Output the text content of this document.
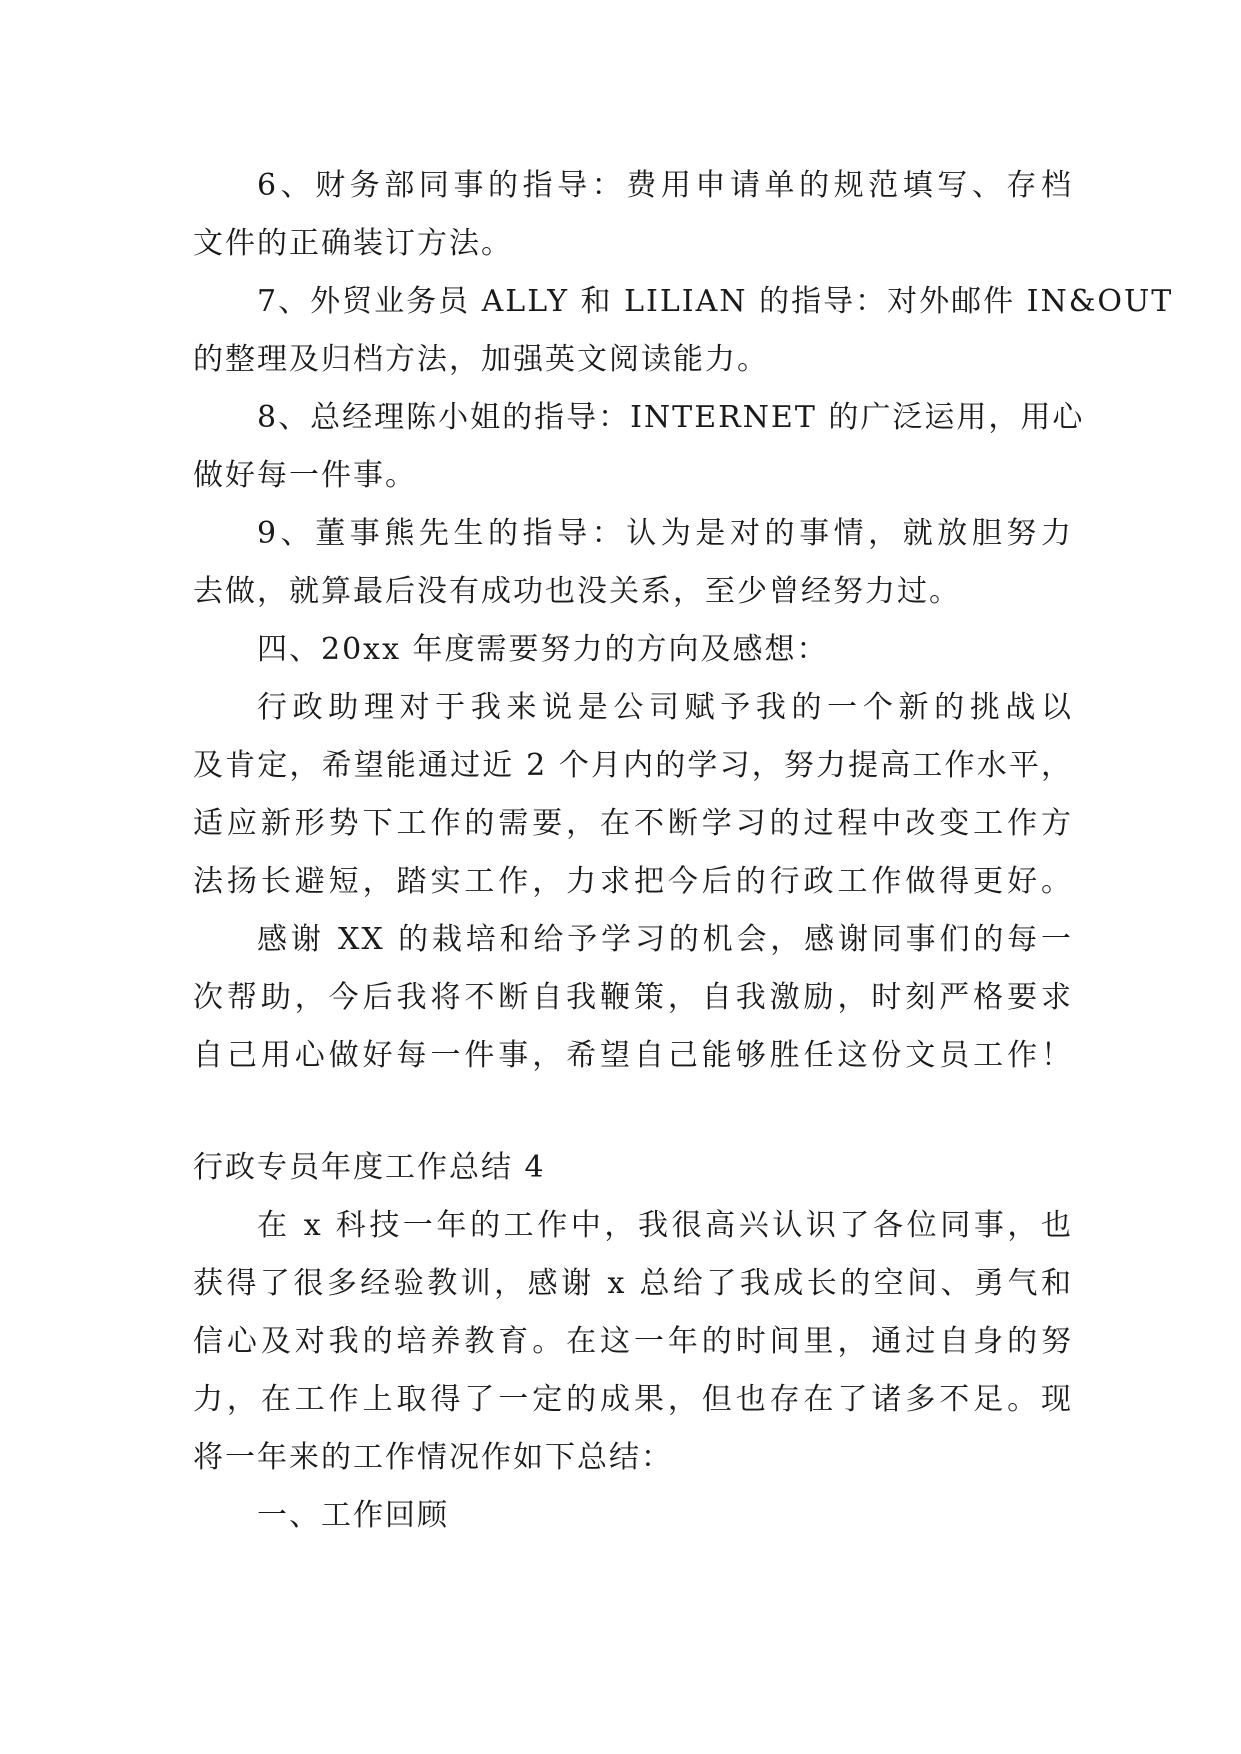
6、财务部同事的指导：费用申请单的规范填写、存档
文件的正确装订方法。
7、外贸业务员 ALLY 和 LILIAN 的指导：对外邮件 IN&OUT
的整理及归档方法，加强英文阅读能力。
8、总经理陈小姐的指导：INTERNET 的广泛运用，用心
做好每一件事。
9、董事熊先生的指导：认为是对的事情，就放胆努力
去做，就算最后没有成功也没关系，至少曾经努力过。
四、20xx 年度需要努力的方向及感想：
行政助理对于我来说是公司赋予我的一个新的挑战以
及肯定，希望能通过近 2 个月内的学习，努力提高工作水平，
适应新形势下工作的需要，在不断学习的过程中改变工作方
法扬长避短，踏实工作，力求把今后的行政工作做得更好。
感谢 XX 的栽培和给予学习的机会，感谢同事们的每一
次帮助，今后我将不断自我鞭策，自我激励，时刻严格要求
自己用心做好每一件事，希望自己能够胜任这份文员工作！
行政专员年度工作总结 4
在 x 科技一年的工作中，我很高兴认识了各位同事，也
获得了很多经验教训，感谢 x 总给了我成长的空间、勇气和
信心及对我的培养教育。在这一年的时间里，通过自身的努
力，在工作上取得了一定的成果，但也存在了诸多不足。现
将一年来的工作情况作如下总结：
一、工作回顾
